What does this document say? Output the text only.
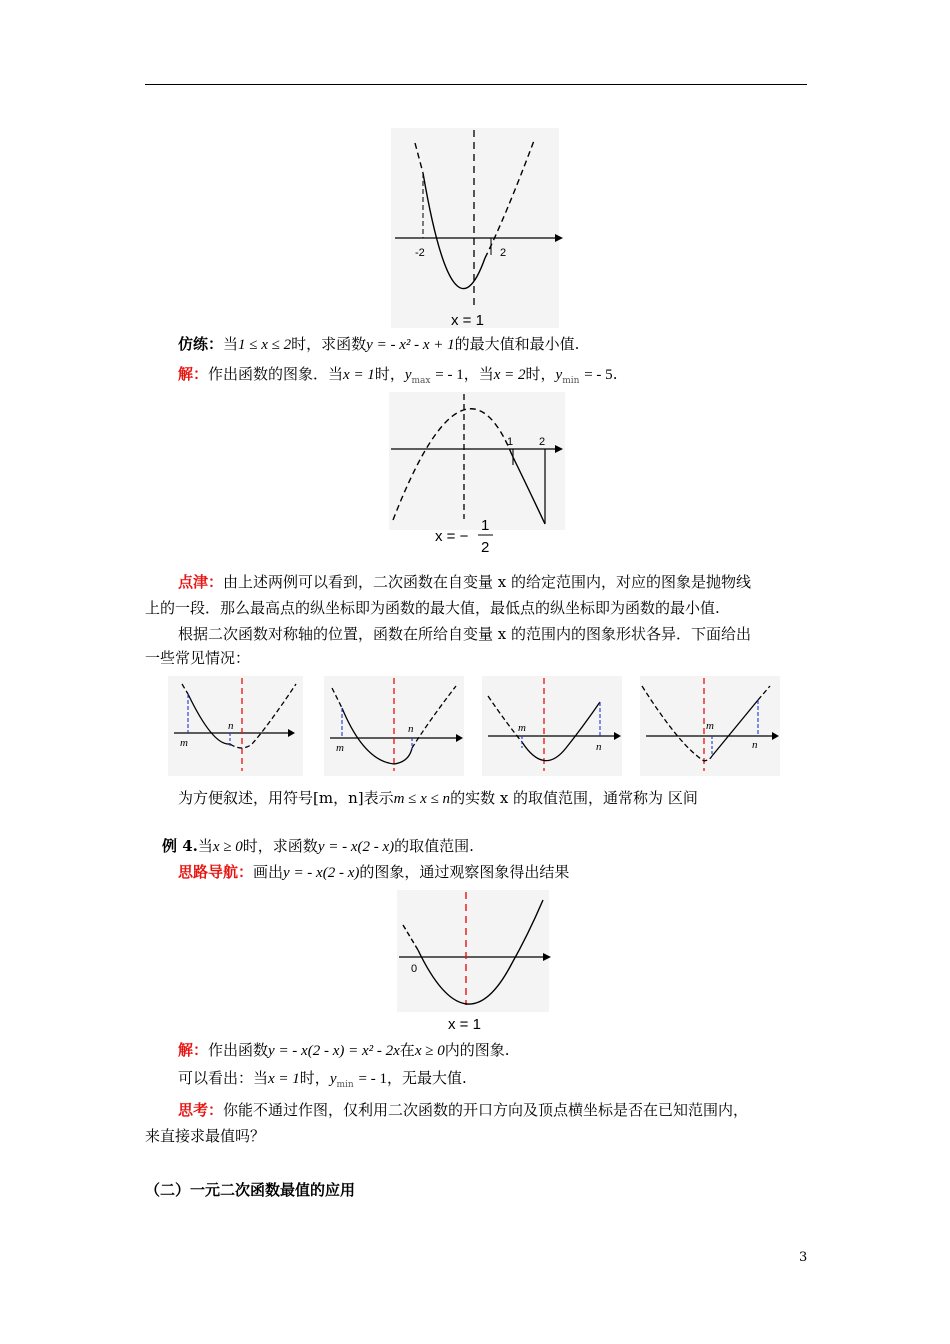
-2	2
x = 1
仿练：当1 ≤ x ≤ 2时，求函数y = - x² - x + 1的最大值和最小值.
解：作出函数的图象．当x = 1时，$y_{max}$ = - 1，当x = 2时，$y_{min}$ = - 5.
1 2
x = −
1
2
点津：由上述两例可以看到，二次函数在自变量 x 的给定范围内，对应的图象是抛物线
上的一段．那么最高点的纵坐标即为函数的最大值，最低点的纵坐标即为函数的最小值.
根据二次函数对称轴的位置，函数在所给自变量 x 的范围内的图象形状各异．下面给出
一些常见情况：
m
n
m
n	m
n
m
n
为方便叙述，用符号[m，n]表示m ≤ x ≤ n的实数 x 的取值范围，通常称为 区间
例 4.当x ≥ 0时，求函数y = - x(2 - x)的取值范围.
思路导航：画出y = - x(2 - x)的图象，通过观察图象得出结果
0
x = 1
解：作出函数y = - x(2 - x) = x² - 2x在x ≥ 0内的图象.
可以看出：当x = 1时，$y_{min}$ = - 1，无最大值.
思考：你能不通过作图，仅利用二次函数的开口方向及顶点横坐标是否在已知范围内，
来直接求最值吗？
（二）一元二次函数最值的应用
3
